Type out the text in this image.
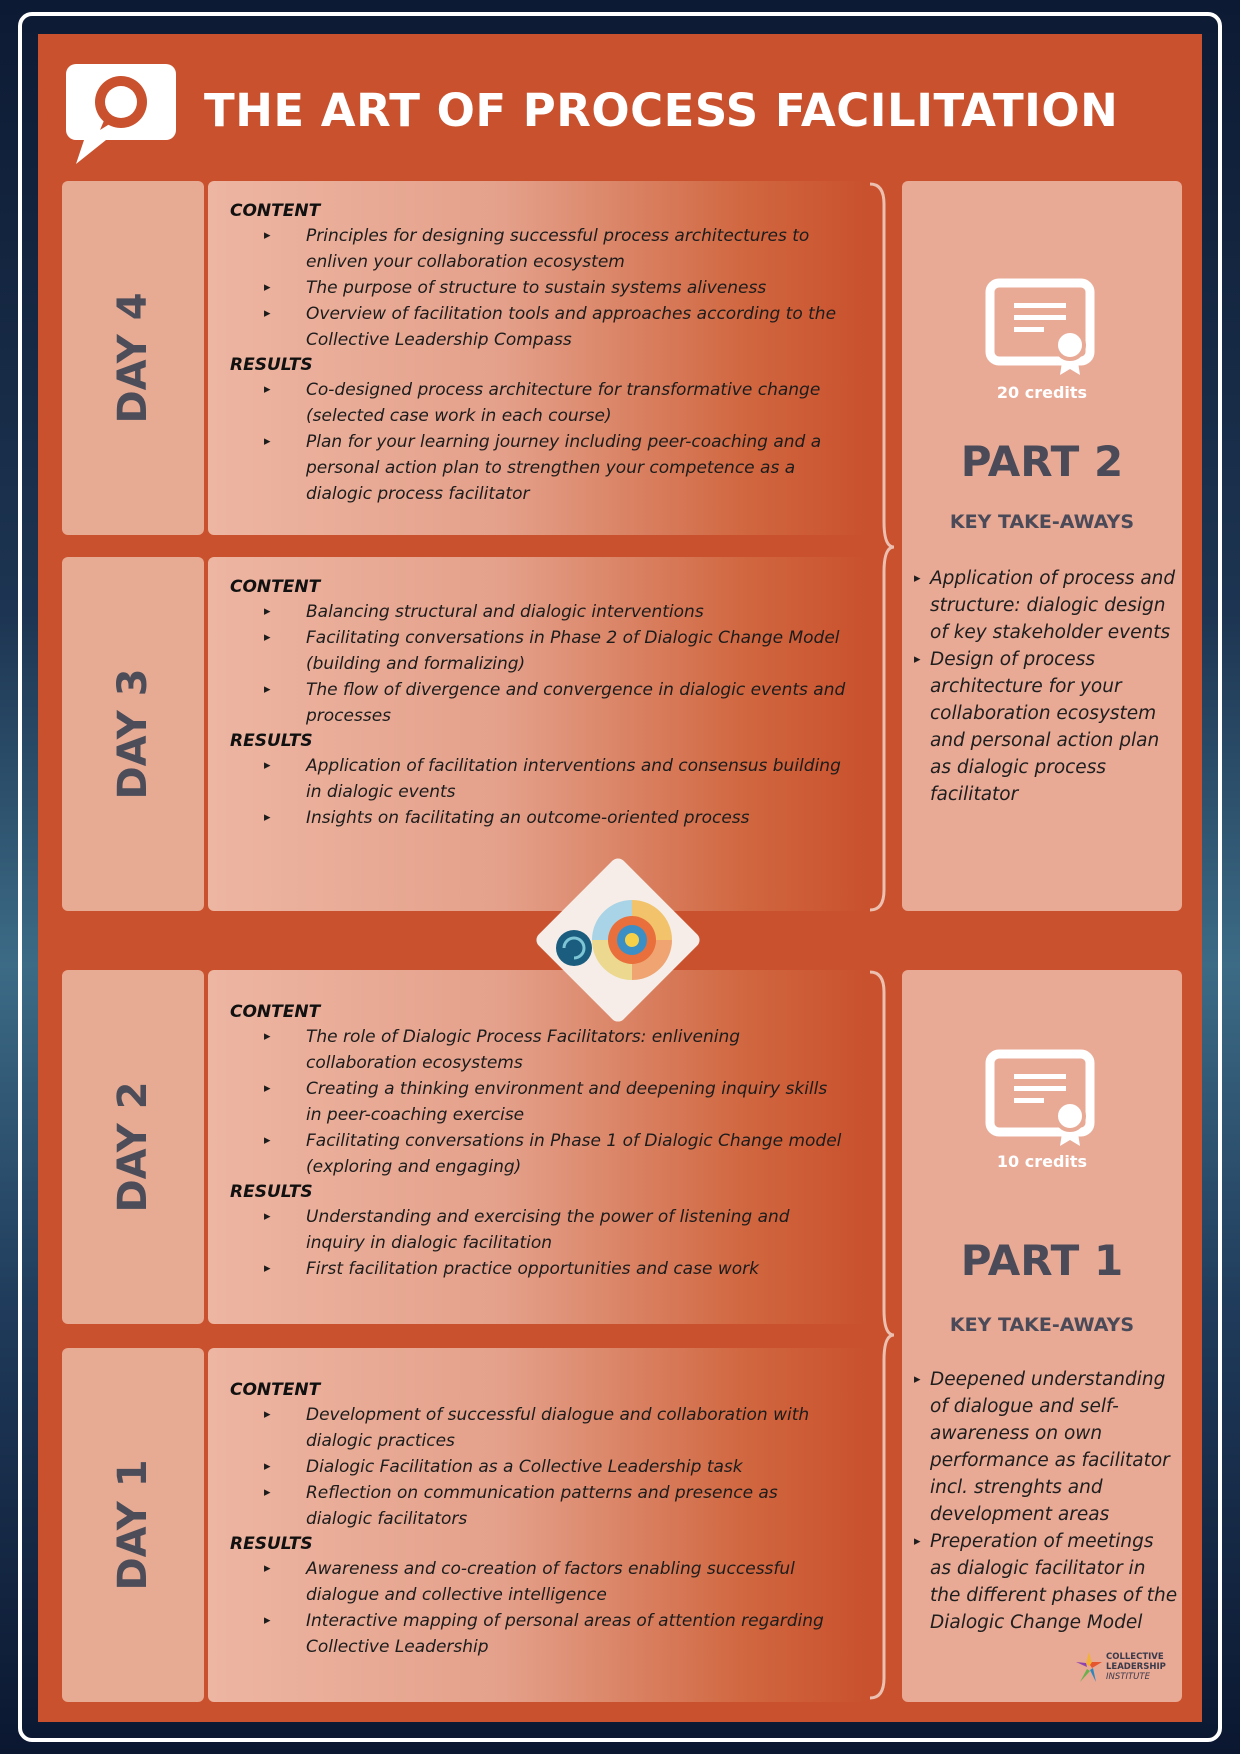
THE ART OF PROCESS FACILITATION
DAY 4
CONTENT
▸ Principles for designing successful process architectures to enliven your collaboration ecosystem
▸ The purpose of structure to sustain systems aliveness
▸ Overview of facilitation tools and approaches according to the Collective Leadership Compass
RESULTS
▸ Co-designed process architecture for transformative change (selected case work in each course)
▸ Plan for your learning journey including peer-coaching and a personal action plan to strengthen your competence as a dialogic process facilitator
DAY 3
CONTENT
▸ Balancing structural and dialogic interventions
▸ Facilitating conversations in Phase 2 of Dialogic Change Model (building and formalizing)
▸ The flow of divergence and convergence in dialogic events and processes
RESULTS
▸ Application of facilitation interventions and consensus building in dialogic events
▸ Insights on facilitating an outcome-oriented process
DAY 2
CONTENT
▸ The role of Dialogic Process Facilitators: enlivening collaboration ecosystems
▸ Creating a thinking environment and deepening inquiry skills in peer-coaching exercise
▸ Facilitating conversations in Phase 1 of Dialogic Change model (exploring and engaging)
RESULTS
▸ Understanding and exercising the power of listening and inquiry in dialogic facilitation
▸ First facilitation practice opportunities and case work
DAY 1
CONTENT
▸ Development of successful dialogue and collaboration with dialogic practices
▸ Dialogic Facilitation as a Collective Leadership task
▸ Reflection on communication patterns and presence as dialogic facilitators
RESULTS
▸ Awareness and co-creation of factors enabling successful dialogue and collective intelligence
▸ Interactive mapping of personal areas of attention regarding Collective Leadership
20 credits
PART 2
KEY TAKE-AWAYS
▸ Application of process and structure: dialogic design of key stakeholder events
▸ Design of process architecture for your collaboration ecosystem and personal action plan as dialogic process facilitator
10 credits
PART 1
KEY TAKE-AWAYS
▸ Deepened understanding of dialogue and self-awareness on own performance as facilitator incl. strenghts and development areas
▸ Preperation of meetings as dialogic facilitator in the different phases of the Dialogic Change Model
COLLECTIVE
LEADERSHIP
INSTITUTE
